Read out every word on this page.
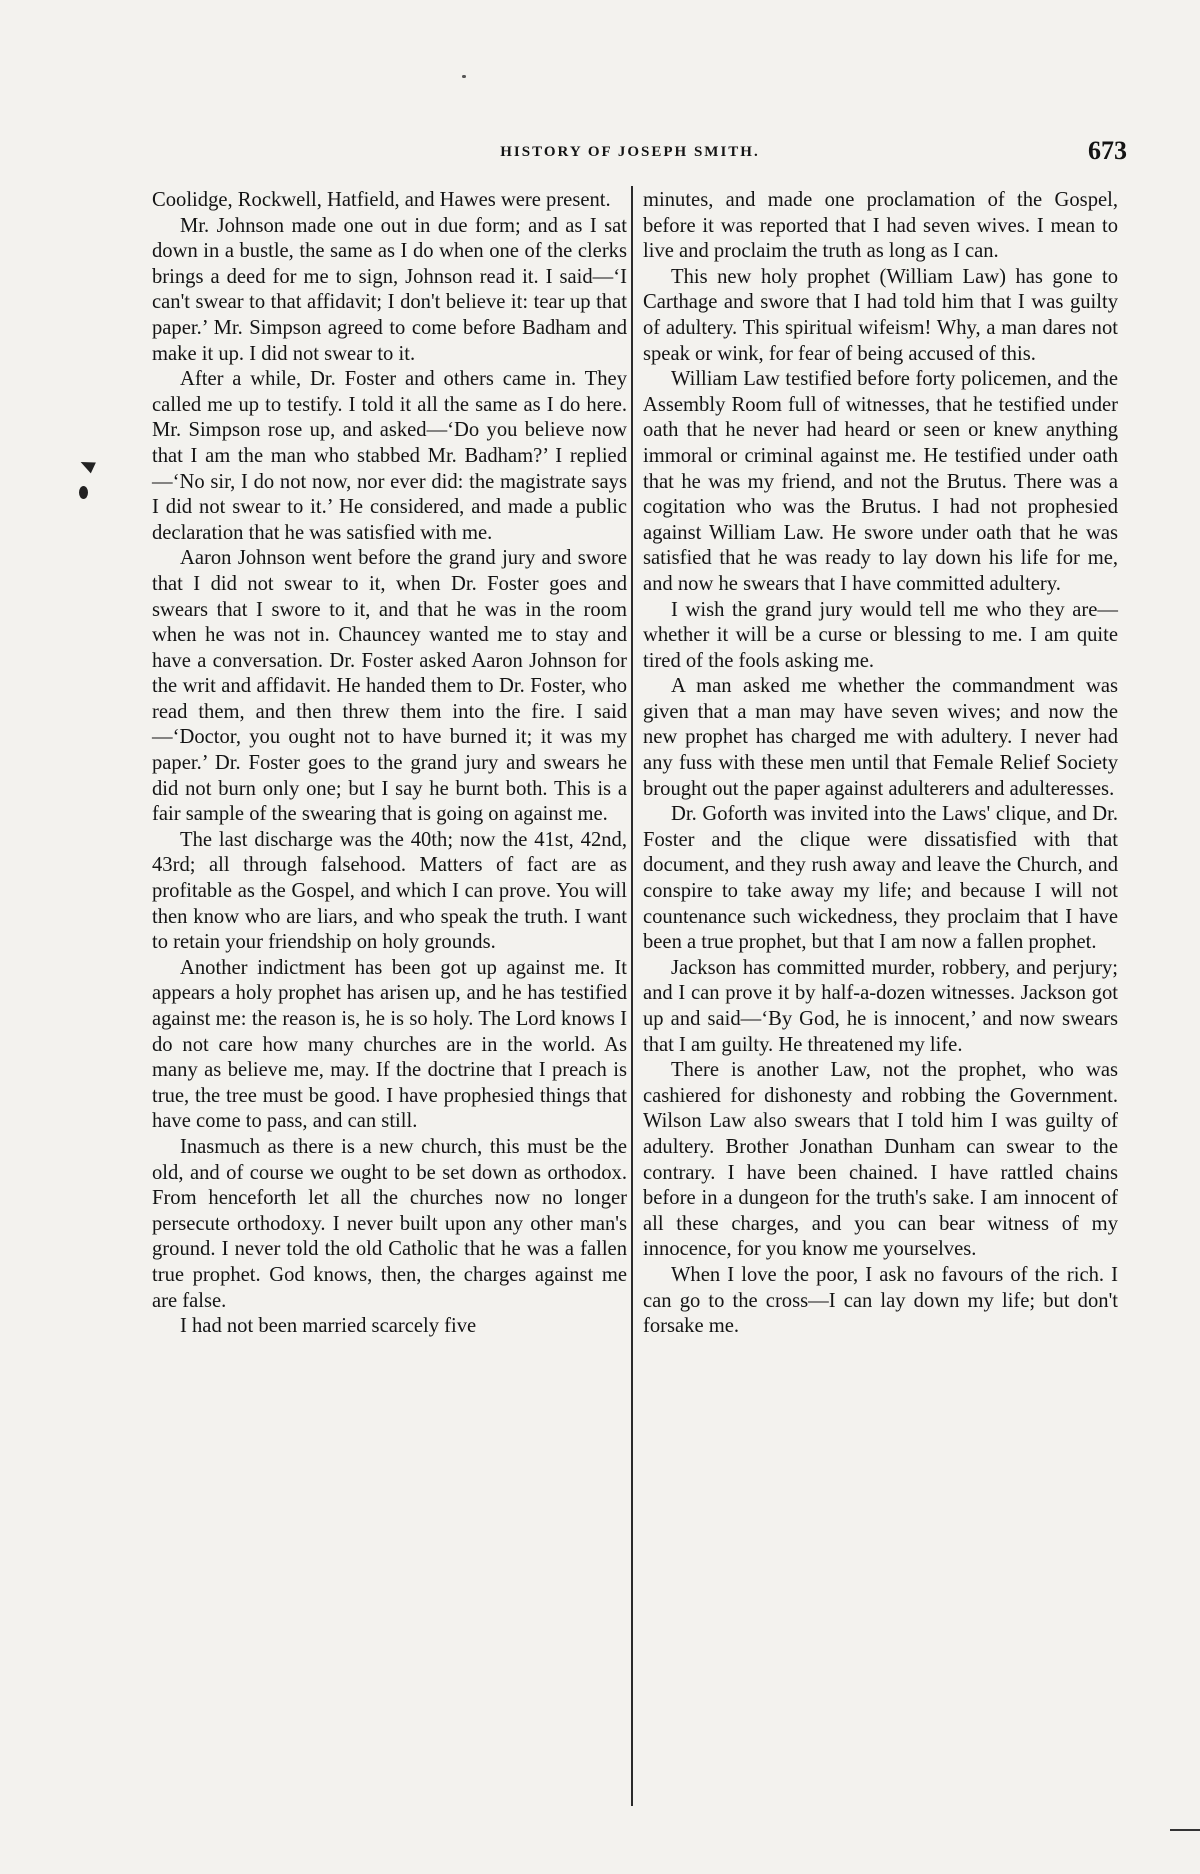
HISTORY OF JOSEPH SMITH.	673

Coolidge, Rockwell, Hatfield, and Hawes were present.

Mr. Johnson made one out in due form; and as I sat down in a bustle, the same as I do when one of the clerks brings a deed for me to sign, Johnson read it. I said—‘I can't swear to that affidavit; I don't believe it: tear up that paper.’ Mr. Simpson agreed to come before Badham and make it up. I did not swear to it.

After a while, Dr. Foster and others came in. They called me up to testify. I told it all the same as I do here. Mr. Simpson rose up, and asked—‘Do you believe now that I am the man who stabbed Mr. Badham?’ I replied—‘No sir, I do not now, nor ever did: the magistrate says I did not swear to it.’ He considered, and made a public declaration that he was satisfied with me.

Aaron Johnson went before the grand jury and swore that I did not swear to it, when Dr. Foster goes and swears that I swore to it, and that he was in the room when he was not in. Chauncey wanted me to stay and have a conversation. Dr. Foster asked Aaron Johnson for the writ and affidavit. He handed them to Dr. Foster, who read them, and then threw them into the fire. I said—‘Doctor, you ought not to have burned it; it was my paper.’ Dr. Foster goes to the grand jury and swears he did not burn only one; but I say he burnt both. This is a fair sample of the swearing that is going on against me.

The last discharge was the 40th; now the 41st, 42nd, 43rd; all through falsehood. Matters of fact are as profitable as the Gospel, and which I can prove. You will then know who are liars, and who speak the truth. I want to retain your friendship on holy grounds.

Another indictment has been got up against me. It appears a holy prophet has arisen up, and he has testified against me: the reason is, he is so holy. The Lord knows I do not care how many churches are in the world. As many as believe me, may. If the doctrine that I preach is true, the tree must be good. I have prophesied things that have come to pass, and can still.

Inasmuch as there is a new church, this must be the old, and of course we ought to be set down as orthodox. From henceforth let all the churches now no longer persecute orthodoxy. I never built upon any other man's ground. I never told the old Catholic that he was a fallen true prophet. God knows, then, the charges against me are false.

I had not been married scarcely five

minutes, and made one proclamation of the Gospel, before it was reported that I had seven wives. I mean to live and proclaim the truth as long as I can.

This new holy prophet (William Law) has gone to Carthage and swore that I had told him that I was guilty of adultery. This spiritual wifeism! Why, a man dares not speak or wink, for fear of being accused of this.

William Law testified before forty policemen, and the Assembly Room full of witnesses, that he testified under oath that he never had heard or seen or knew anything immoral or criminal against me. He testified under oath that he was my friend, and not the Brutus. There was a cogitation who was the Brutus. I had not prophesied against William Law. He swore under oath that he was satisfied that he was ready to lay down his life for me, and now he swears that I have committed adultery.

I wish the grand jury would tell me who they are—whether it will be a curse or blessing to me. I am quite tired of the fools asking me.

A man asked me whether the commandment was given that a man may have seven wives; and now the new prophet has charged me with adultery. I never had any fuss with these men until that Female Relief Society brought out the paper against adulterers and adulteresses.

Dr. Goforth was invited into the Laws' clique, and Dr. Foster and the clique were dissatisfied with that document, and they rush away and leave the Church, and conspire to take away my life; and because I will not countenance such wickedness, they proclaim that I have been a true prophet, but that I am now a fallen prophet.

Jackson has committed murder, robbery, and perjury; and I can prove it by half-a-dozen witnesses. Jackson got up and said—‘By God, he is innocent,’ and now swears that I am guilty. He threatened my life.

There is another Law, not the prophet, who was cashiered for dishonesty and robbing the Government. Wilson Law also swears that I told him I was guilty of adultery. Brother Jonathan Dunham can swear to the contrary. I have been chained. I have rattled chains before in a dungeon for the truth's sake. I am innocent of all these charges, and you can bear witness of my innocence, for you know me yourselves.

When I love the poor, I ask no favours of the rich. I can go to the cross—I can lay down my life; but don't forsake me.
